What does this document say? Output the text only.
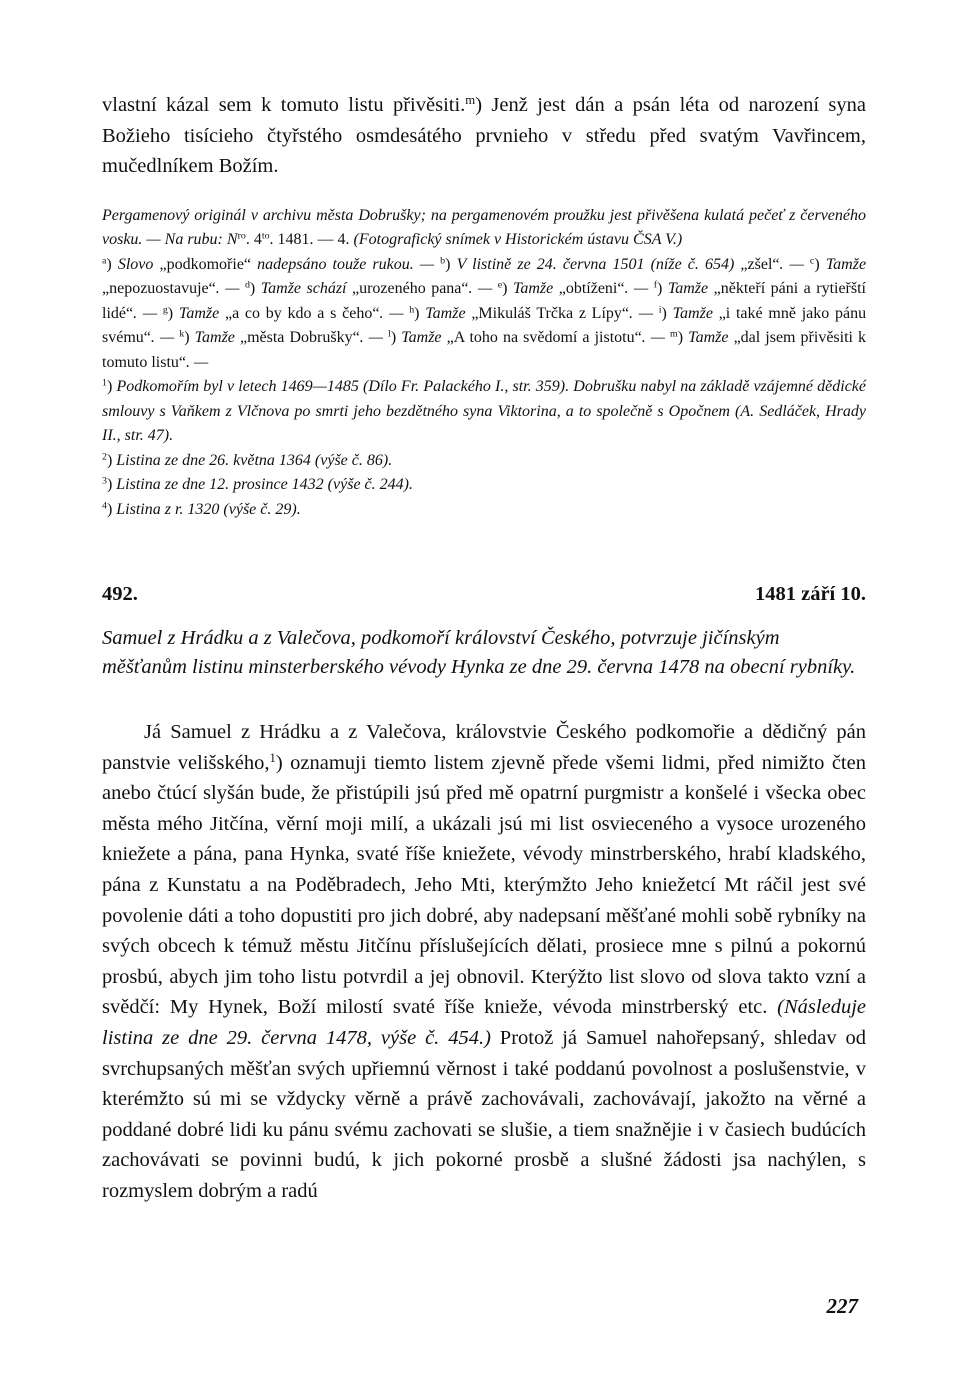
vlastní kázal sem k tomuto listu přivěsiti.$^m$) Jenž jest dán a psán léta od narození syna Božieho tisícieho čtyřstého osmdesátého prvnieho v středu před svatým Vavřincem, mučedlníkem Božím.

Pergamenový originál v archivu města Dobrušky; na pergamenovém proužku jest přivěšena kulatá pečeť z červeného vosku. — Na rubu: $N^{ro}$. $4^{to}$. 1481. — 4. (Fotografický snímek v Historickém ústavu ČSA V.)

$^a$) Slovo „podkomořie“ nadepsáno touže rukou. — $^b$) V listině ze 24. června 1501 (níže č. 654) „zšel“. — $^c$) Tamže „nepozuostavuje“. — $^d$) Tamže schází „urozeného pana“. — $^e$) Tamže „obtíženi“. — $^f$) Tamže „někteří páni a rytieřští lidé“. — $^g$) Tamže „a co by kdo a s čeho“. — $^h$) Tamže „Mikuláš Trčka z Lípy“. — $^i$) Tamže „i také mně jako pánu svému“. — $^k$) Tamže „města Dobrušky“. — $^l$) Tamže „A toho na svědomí a jistotu“. — $^m$) Tamže „dal jsem přivěsiti k tomuto listu“. —

$^1$) Podkomořím byl v letech 1469—1485 (Dílo Fr. Palackého I., str. 359). Dobrušku nabyl na základě vzájemné dědické smlouvy s Vaňkem z Vlčnova po smrti jeho bezdětného syna Viktorina, a to společně s Opočnem (A. Sedláček, Hrady II., str. 47).

$^2$) Listina ze dne 26. května 1364 (výše č. 86).

$^3$) Listina ze dne 12. prosince 1432 (výše č. 244).

$^4$) Listina z r. 1320 (výše č. 29).

492.	1481 září 10.

Samuel z Hrádku a z Valečova, podkomoří království Českého, potvrzuje jičínským měšťanům listinu minsterberského vévody Hynka ze dne 29. června 1478 na obecní rybníky.

Já Samuel z Hrádku a z Valečova, královstvie Českého podkomořie a dědičný pán panstvie velišského,$^1$) oznamuji tiemto listem zjevně přede všemi lidmi, před nimižto čten anebo čtúcí slyšán bude, že přistúpili jsú před mě opatrní purgmistr a konšelé i všecka obec města mého Jitčína, věrní moji milí, a ukázali jsú mi list osvieceného a vysoce urozeného kniežete a pána, pana Hynka, svaté říše kniežete, vévody minstrberského, hrabí kladského, pána z Kunstatu a na Poděbradech, Jeho Mti, kterýmžto Jeho kniežetcí Mt ráčil jest své povolenie dáti a toho dopustiti pro jich dobré, aby nadepsaní měšťané mohli sobě rybníky na svých obcech k témuž městu Jitčínu příslušejících dělati, prosiece mne s pilnú a pokornú prosbú, abych jim toho listu potvrdil a jej obnovil. Kterýžto list slovo od slova takto vzní a svědčí: My Hynek, Boží milostí svaté říše knieže, vévoda minstrberský etc. (Následuje listina ze dne 29. června 1478, výše č. 454.) Protož já Samuel nahořepsaný, shledav od svrchupsaných měšťan svých upřiemnú věrnost i také poddanú povolnost a poslušenstvie, v kterémžto sú mi se vždycky věrně a právě zachovávali, zachovávají, jakožto na věrné a poddané dobré lidi ku pánu svému zachovati se slušie, a tiem snažnějie i v časiech budúcích zachovávati se povinni budú, k jich pokorné prosbě a slušné žádosti jsa nachýlen, s rozmyslem dobrým a radú

227
